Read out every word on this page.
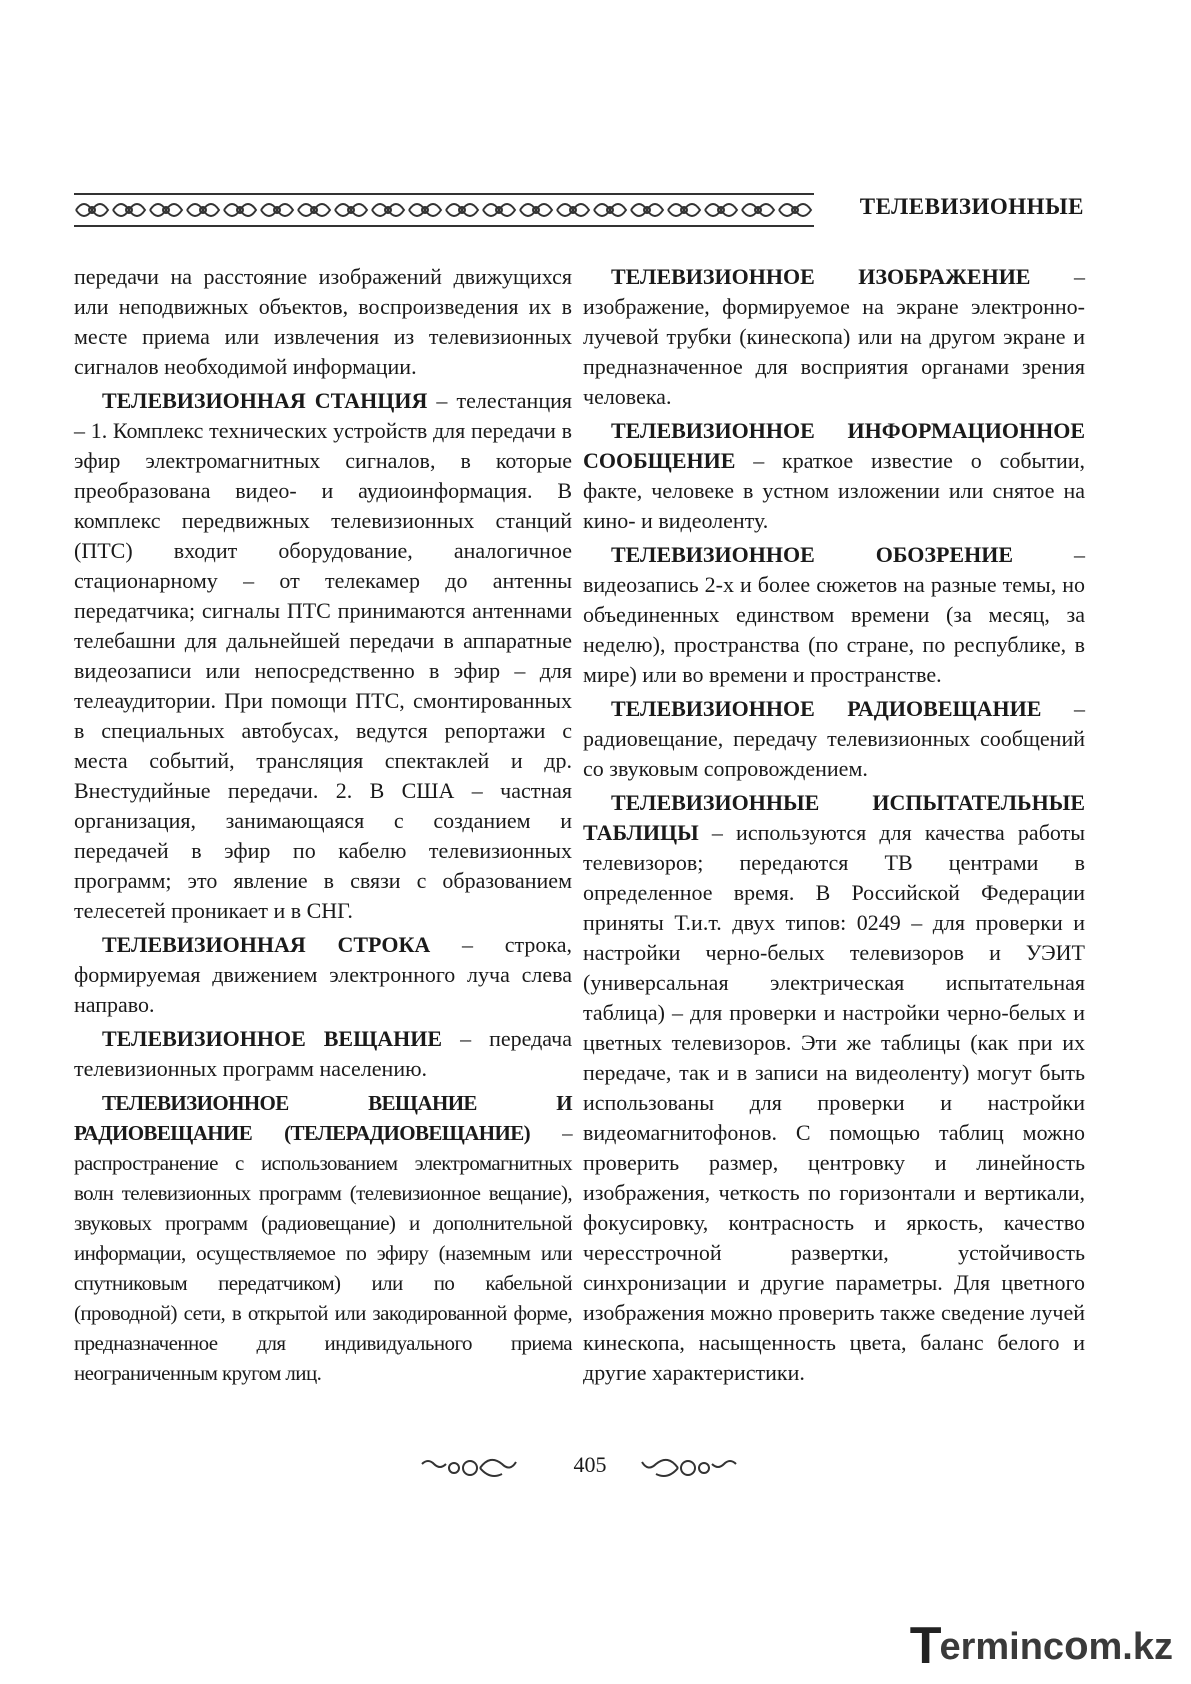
ТЕЛЕВИЗИОННЫЕ

передачи на расстояние изображений движущихся или неподвижных объектов, воспроизведения их в месте приема или извлечения из телевизионных сигналов необходимой информации.

ТЕЛЕВИЗИОННАЯ СТАНЦИЯ – телестанция – 1. Комплекс технических устройств для передачи в эфир электромагнитных сигналов, в которые преобразована видео- и аудиоинформация. В комплекс передвижных телевизионных станций (ПТС) входит оборудование, аналогичное стационарному – от телекамер до антенны передатчика; сигналы ПТС принимаются антеннами телебашни для дальнейшей передачи в аппаратные видеозаписи или непосредственно в эфир – для телеаудитории. При помощи ПТС, смонтированных в специальных автобусах, ведутся репортажи с места событий, трансляция спектаклей и др. Внестудийные передачи. 2. В США – частная организация, занимающаяся с созданием и передачей в эфир по кабелю телевизионных программ; это явление в связи с образованием телесетей проникает и в СНГ.

ТЕЛЕВИЗИОННАЯ СТРОКА – строка, формируемая движением электронного луча слева направо.

ТЕЛЕВИЗИОННОЕ ВЕЩАНИЕ – передача телевизионных программ населению.

ТЕЛЕВИЗИОННОЕ ВЕЩАНИЕ И РАДИОВЕЩАНИЕ (ТЕЛЕРАДИОВЕЩАНИЕ) – распространение с использованием электромагнитных волн телевизионных программ (телевизионное вещание), звуковых программ (радиовещание) и дополнительной информации, осуществляемое по эфиру (наземным или спутниковым передатчиком) или по кабельной (проводной) сети, в открытой или закодированной форме, предназначенное для индивидуального приема неограниченным кругом лиц.

ТЕЛЕВИЗИОННОЕ ИЗОБРАЖЕНИЕ – изображение, формируемое на экране электронно-лучевой трубки (кинескопа) или на другом экране и предназначенное для восприятия органами зрения человека.

ТЕЛЕВИЗИОННОЕ ИНФОРМАЦИОННОЕ СООБЩЕНИЕ – краткое известие о событии, факте, человеке в устном изложении или снятое на кино- и видеоленту.

ТЕЛЕВИЗИОННОЕ ОБОЗРЕНИЕ – видеозапись 2-х и более сюжетов на разные темы, но объединенных единством времени (за месяц, за неделю), пространства (по стране, по республике, в мире) или во времени и пространстве.

ТЕЛЕВИЗИОННОЕ РАДИОВЕЩАНИЕ – радиовещание, передачу телевизионных сообщений со звуковым сопровождением.

ТЕЛЕВИЗИОННЫЕ ИСПЫТАТЕЛЬНЫЕ ТАБЛИЦЫ – используются для качества работы телевизоров; передаются ТВ центрами в определенное время. В Российской Федерации приняты Т.и.т. двух типов: 0249 – для проверки и настройки черно-белых телевизоров и УЭИТ (универсальная электрическая испытательная таблица) – для проверки и настройки черно-белых и цветных телевизоров. Эти же таблицы (как при их передаче, так и в записи на видеоленту) могут быть использованы для проверки и настройки видеомагнитофонов. С помощью таблиц можно проверить размер, центровку и линейность изображения, четкость по горизонтали и вертикали, фокусировку, контрасность и яркость, качество чересстрочной развертки, устойчивость синхронизации и другие параметры. Для цветного изображения можно проверить также сведение лучей кинескопа, насыщенность цвета, баланс белого и другие характеристики.

405
Termincom.kz
